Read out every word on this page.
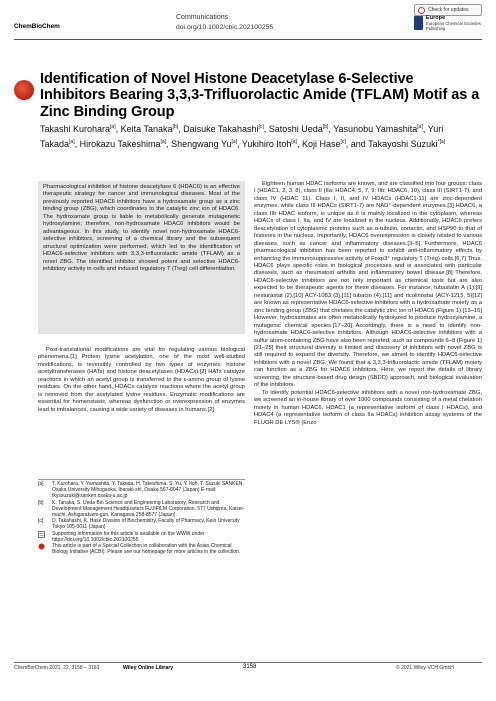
ChemBioChem
Communications
doi.org/10.1002/cbic.202100255
Check for updates
Europe
European Chemical Societies Publishing
Identification of Novel Histone Deacetylase 6-Selective Inhibitors Bearing 3,3,3-Trifluorolactic Amide (TFLAM) Motif as a Zinc Binding Group
Takashi Kurohara[a], Keita Tanaka[b], Daisuke Takahashi[c], Satoshi Ueda[b], Yasunobu Yamashita[a], Yuri Takada[a], Hirokazu Takeshima[a], Shengwang Yu[a], Yukihiro Itoh[a], Koji Hase[c], and Takayoshi Suzuki$^{*[a]}$
Pharmacological inhibition of histone deacetylase 6 (HDAC6) is an effective therapeutic strategy for cancer and immunological diseases. Most of the previously reported HDAC6 inhibitors have a hydroxamate group as a zinc binding group (ZBG), which coordinates to the catalytic zinc ion of HDAC6. The hydroxamate group is liable to metabolically generate mutagenetic hydroxylamine; therefore, non-hydroxamate HDAC6 inhibitors would be advantageous. In this study, to identify novel non-hydroxamate HDAC6-selective inhibitors, screening of a chemical library and the subsequent structural optimization were performed, which led to the identification of HDAC6-selective inhibitors with 3,3,3-trifluorolactic amide (TFLAM) as a novel ZBG. The identified inhibitor showed potent and selective HDAC6-inhibitory activity in cells and induced regulatory T (Treg) cell differentiation.

Post-translational modifications are vital for regulating various biological phenomena.[1] Protein lysine acetylation, one of the most well-studied modifications, is reversibly controlled by two types of enzymes: histone acetyltransferases (HATs) and histone deacetylases (HDACs).[2] HATs catalyze reactions in which an acetyl group is transferred to the ε-amino group of lysine residues. On the other hand, HDACs catalyze reactions where the acetyl group is removed from the acetylated lysine residues. Enzymatic modifications are essential for homeostasis, whereas dysfunction or overexpression of enzymes lead to imbalances, causing a wide variety of diseases in humans.[2]

[a]	T. Kurohara, Y. Yamashita, Y. Takada, H. Takeshima, S. Yu, Y. Itoh, T. Suzuki SANKEN, Osaka University Mihogaoka, Ibaraki-shi, Osaka 567-0047 (Japan) E-mail: tkyssuzuki@sanken.osaka-u.ac.jp
[b]	K. Tanaka, S. Ueda Bio Science and Engineering Laboratory, Research and Development Management Headquarters FUJIFILM Corporation, 577 Ushijima, Kaisei-machi, Ashigarakami-gun, Kanagawa 258-8577 (Japan)
[c]	D. Takahashi, K. Hase Division of Biochemistry, Faculty of Pharmacy, Keio University Tokyo 105-0011 (Japan)
Supporting information for this article is available on the WWW under https://doi.org/10.1002/cbic.202100255
This article is part of a Special Collection in collaboration with the Asian Chemical Biology Initiative (ACBI). Please see our homepage for more articles in the collection.

Eighteen human HDAC isoforms are known, and are classified into four groups: class I (HDAC1, 2, 3, 8), class II (IIa: HDAC4, 5, 7, 9; IIb: HDAC6, 10), class III (SIRT1-7), and class IV (HDAC 11). Class I, II, and IV HDACs (HDAC1-11) are zinc-dependent enzymes, while class III HDACs (SIRT1-7) are NAD⁺-dependent enzymes.[3] HDAC6, a class IIb HDAC isoform, is unique as it is mainly localized in the cytoplasm, whereas HDACs of class I, IIa, and IV are localized in the nucleus. Additionally, HDAC6 prefers deacetylation of cytoplasmic proteins such as α-tubulin, cortactin, and HSP90 to that of histones in the nucleus. Importantly, HDAC6 overexpression is closely related to various diseases, such as cancer and inflammatory diseases.[3–5] Furthermore, HDAC6 pharmacological inhibition has been reported to exhibit anti-inflammatory effects by enhancing the immunosuppressive activity of Foxp3⁺ regulatory T (Treg) cells.[6,7] Thus, HDAC6 plays specific roles in biological processes and is associated with particular diseases, such as rheumatoid arthritis and inflammatory bowel disease.[8] Therefore, HDAC6-selective inhibitors are not only important as chemical tools but are also expected to be therapeutic agents for these diseases. For instance, tubastatin A (1),[9] nexturastat (2),[10] ACY-1083 (3),[11] tubacin (4),[11] and ricolinostat (ACY-1215, 5)[12] are known as representative HDAC6-selective inhibitors with a hydroxamate moiety as a zinc binding group (ZBG) that chelates the catalytic zinc ion of HDAC6 (Figure 1).[13–16] However, hydroxamates are often metabolically hydrolyzed to produce hydroxylamine, a mutagenic chemical species.[17–20] Accordingly, there is a need to identify non-hydroxamate HDAC6-selective inhibitors. Although HDAC6-selective inhibitors with a sulfur atom-containing ZBG have also been reported, such as compounds 6–8 (Figure 1)[21–25] their structural diversity is limited and discovery of inhibitors with novel ZBG is still required to expand the diversity. Therefore, we aimed to identify HDAC6-selective inhibitors with a novel ZBG. We found that a 3,3,3-trifluorolactic amide (TFLAM) moiety can function as a ZBG for HDAC6 inhibitors. Here, we report the details of library screening, the structure-based drug design (SBDD) approach, and biological evaluation of the inhibitors.

To identify potential HDAC6-selective inhibitors with a novel non-hydroxamate ZBG, we screened an in-house library of over 1000 compounds consisting of a metal chelation moiety in human HDAC6, HDAC1 (a representative isoform of class I HDACs), and HDAC4 (a representative isoform of class IIa HDACs) inhibition assay systems of the FLUOR DE LYS® (Enzo

ChemBioChem 2021, 22, 3158 – 3163	Wiley Online Library	3158	© 2021 Wiley-VCH GmbH
